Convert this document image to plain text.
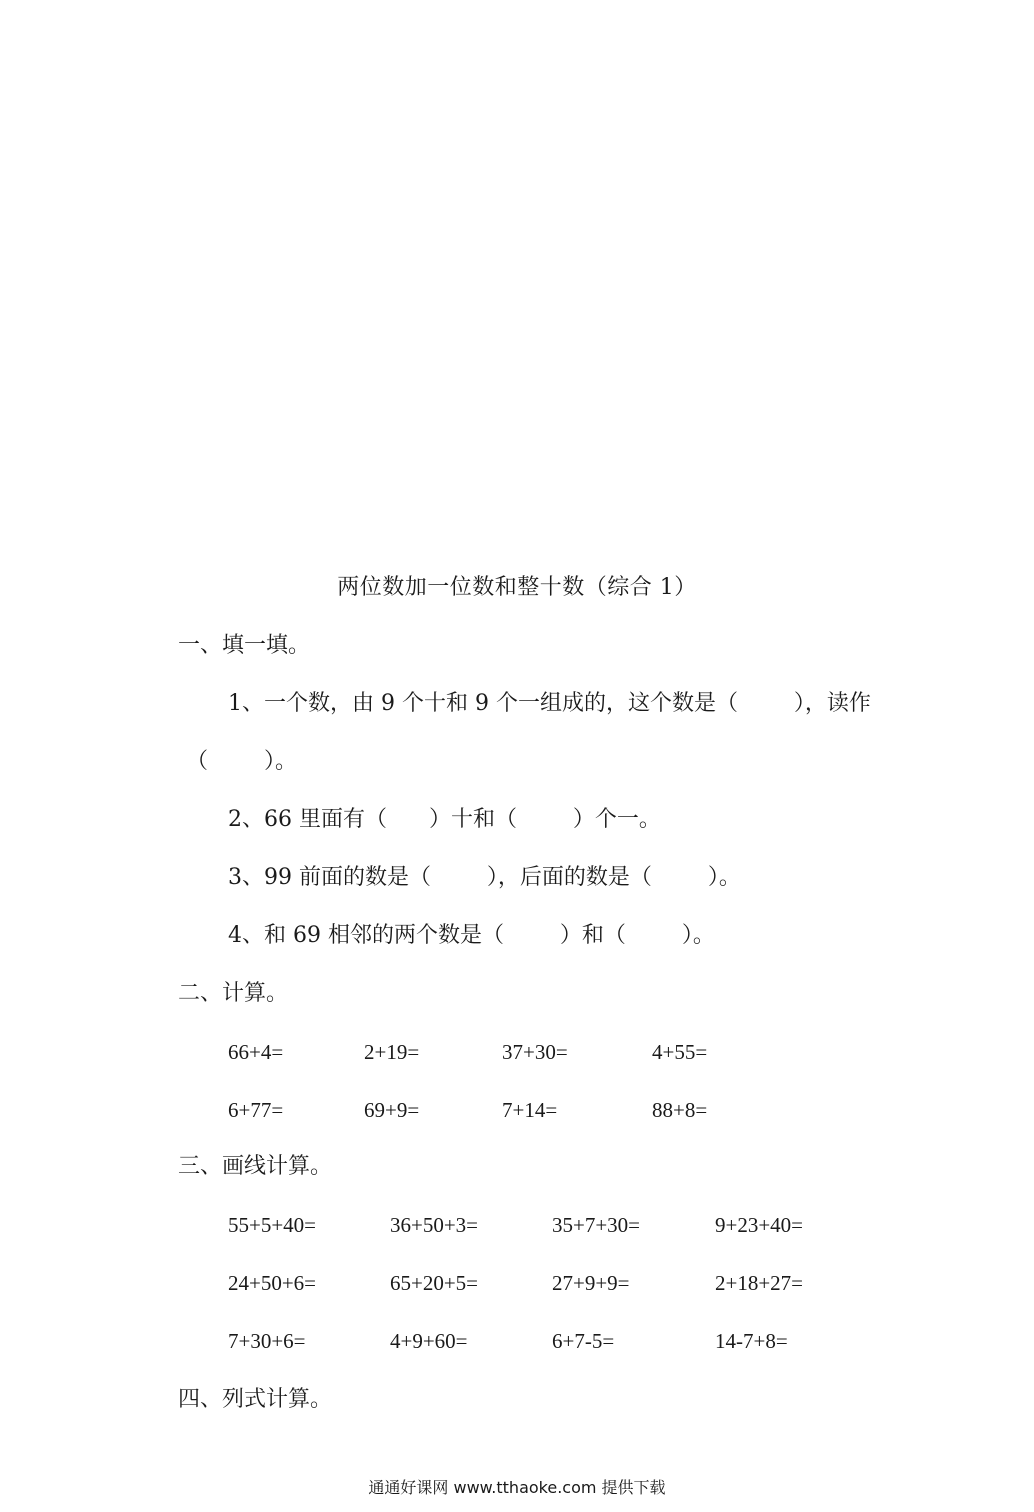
两位数加一位数和整十数（综合 1）
一、填一填。
1、一个数，由 9 个十和 9 个一组成的，这个数是（        ），读作
（        ）。
2、66 里面有（      ）十和（        ）个一。
3、99 前面的数是（        ），后面的数是（        ）。
4、和 69 相邻的两个数是（        ）和（        ）。
二、计算。
66+4=	2+19=	37+30=	4+55=
6+77=	69+9=	7+14=	88+8=
三、画线计算。
55+5+40=	36+50+3=	35+7+30=	9+23+40=
24+50+6=	65+20+5=	27+9+9=	2+18+27=
7+30+6=	4+9+60=	6+7-5=	14-7+8=
四、列式计算。
通通好课网 www.tthaoke.com 提供下载
